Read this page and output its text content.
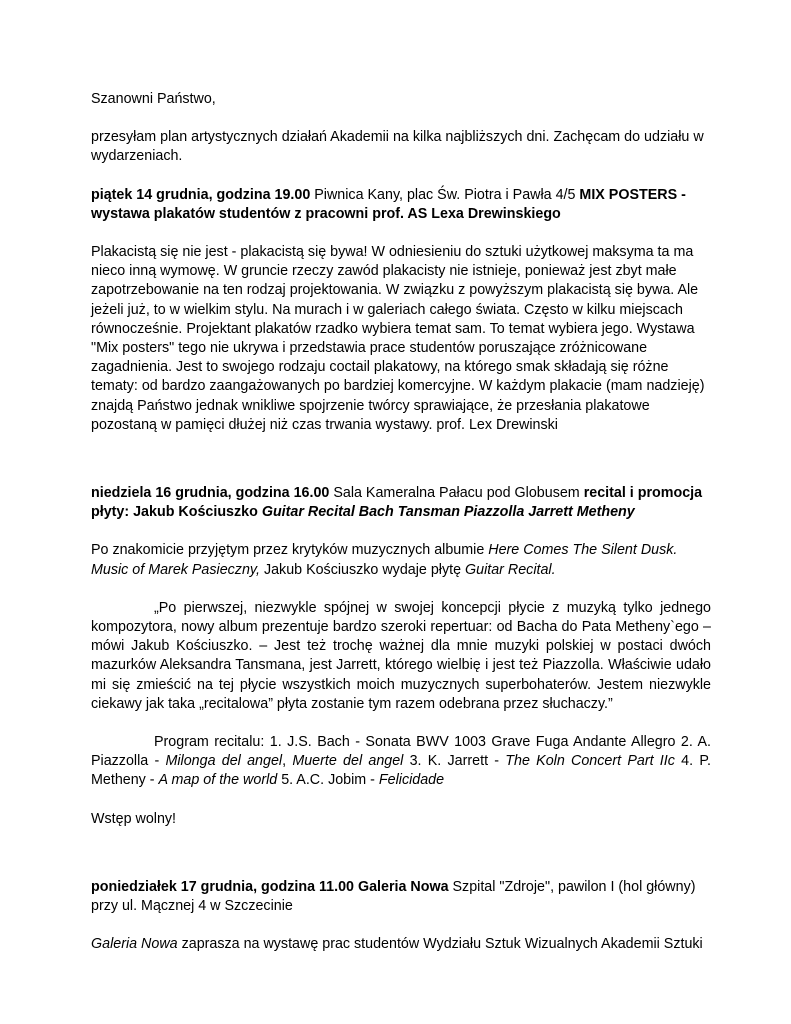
Szanowni Państwo,

przesyłam plan artystycznych działań Akademii na kilka najbliższych dni. Zachęcam do udziału w wydarzeniach.

piątek 14 grudnia, godzina 19.00 Piwnica Kany, plac Św. Piotra i Pawła 4/5 MIX POSTERS - wystawa plakatów studentów z pracowni prof. AS Lexa Drewinskiego

Plakacistą się nie jest - plakacistą się bywa! W odniesieniu do sztuki użytkowej maksyma ta ma nieco inną wymowę. W gruncie rzeczy zawód plakacisty nie istnieje, ponieważ jest zbyt małe zapotrzebowanie na ten rodzaj projektowania. W związku z powyższym plakacistą się bywa. Ale jeżeli już, to w wielkim stylu. Na murach i w galeriach całego świata. Często w kilku miejscach równocześnie. Projektant plakatów rzadko wybiera temat sam. To temat wybiera jego. Wystawa "Mix posters" tego nie ukrywa i przedstawia prace studentów poruszające zróżnicowane zagadnienia. Jest to swojego rodzaju coctail plakatowy, na którego smak składają się różne tematy: od bardzo zaangażowanych po bardziej komercyjne. W każdym plakacie (mam nadzieję) znajdą Państwo jednak wnikliwe spojrzenie twórcy sprawiające, że przesłania plakatowe pozostaną w pamięci dłużej niż czas trwania wystawy. prof. Lex Drewinski

niedziela 16 grudnia, godzina 16.00 Sala Kameralna Pałacu pod Globusem recital i promocja płyty: Jakub Kościuszko Guitar Recital Bach Tansman Piazzolla Jarrett Metheny

Po znakomicie przyjętym przez krytyków muzycznych albumie Here Comes The Silent Dusk. Music of Marek Pasieczny, Jakub Kościuszko wydaje płytę Guitar Recital.

„Po pierwszej, niezwykle spójnej w swojej koncepcji płycie z muzyką tylko jednego kompozytora, nowy album prezentuje bardzo szeroki repertuar: od Bacha do Pata Metheny`ego – mówi Jakub Kościuszko. – Jest też trochę ważnej dla mnie muzyki polskiej w postaci dwóch mazurków Aleksandra Tansmana, jest Jarrett, którego wielbię i jest też Piazzolla. Właściwie udało mi się zmieścić na tej płycie wszystkich moich muzycznych superbohaterów. Jestem niezwykle ciekawy jak taka „recitalowa” płyta zostanie tym razem odebrana przez słuchaczy.”

Program recitalu: 1. J.S. Bach - Sonata BWV 1003 Grave Fuga Andante Allegro 2. A. Piazzolla - Milonga del angel, Muerte del angel 3. K. Jarrett - The Koln Concert Part IIc 4. P. Metheny - A map of the world 5. A.C. Jobim - Felicidade

Wstęp wolny!

poniedziałek 17 grudnia, godzina 11.00 Galeria Nowa Szpital "Zdroje", pawilon I (hol główny) przy ul. Mącznej 4 w Szczecinie

Galeria Nowa zaprasza na wystawę prac studentów Wydziału Sztuk Wizualnych Akademii Sztuki
